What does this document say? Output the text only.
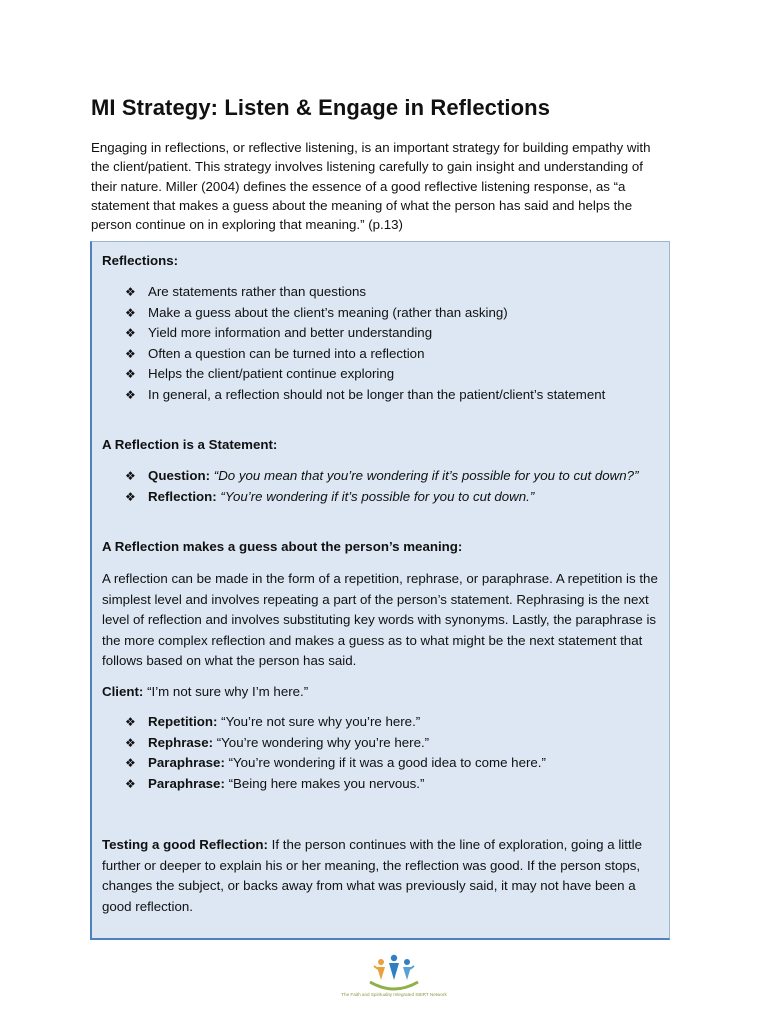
MI Strategy: Listen & Engage in Reflections

Engaging in reflections, or reflective listening, is an important strategy for building empathy with the client/patient. This strategy involves listening carefully to gain insight and understanding of their nature. Miller (2004) defines the essence of a good reflective listening response, as “a statement that makes a guess about the meaning of what the person has said and helps the person continue on in exploring that meaning.” (p.13)

Reflections:

❖ Are statements rather than questions
❖ Make a guess about the client’s meaning (rather than asking)
❖ Yield more information and better understanding
❖ Often a question can be turned into a reflection
❖ Helps the client/patient continue exploring
❖ In general, a reflection should not be longer than the patient/client’s statement

A Reflection is a Statement:

❖ Question: “Do you mean that you’re wondering if it’s possible for you to cut down?”
❖ Reflection: “You’re wondering if it’s possible for you to cut down.”

A Reflection makes a guess about the person’s meaning:

A reflection can be made in the form of a repetition, rephrase, or paraphrase. A repetition is the simplest level and involves repeating a part of the person’s statement. Rephrasing is the next level of reflection and involves substituting key words with synonyms. Lastly, the paraphrase is the more complex reflection and makes a guess as to what might be the next statement that follows based on what the person has said.

Client: “I’m not sure why I’m here.”

❖ Repetition: “You’re not sure why you’re here.”
❖ Rephrase: “You’re wondering why you’re here.”
❖ Paraphrase: “You’re wondering if it was a good idea to come here.”
❖ Paraphrase: “Being here makes you nervous.”

Testing a good Reflection: If the person continues with the line of exploration, going a little further or deeper to explain his or her meaning, the reflection was good. If the person stops, changes the subject, or backs away from what was previously said, it may not have been a good reflection.

The Faith and Spirituality Integrated SBIRT Network
